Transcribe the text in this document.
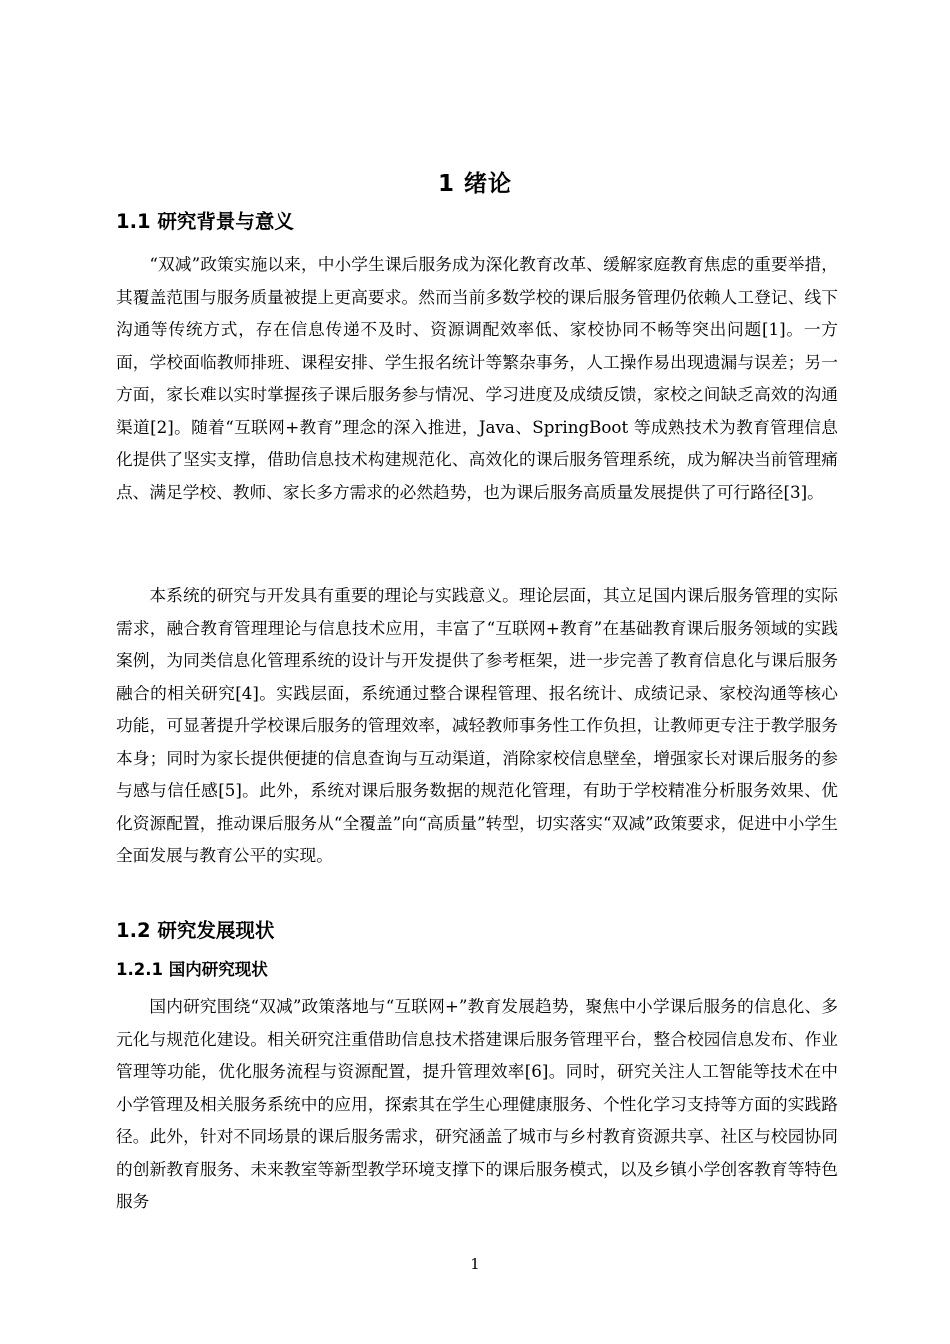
1 绪论
1.1 研究背景与意义

“双减”政策实施以来，中小学生课后服务成为深化教育改革、缓解家庭教育焦虑的重要举措，其覆盖范围与服务质量被提上更高要求。然而当前多数学校的课后服务管理仍依赖人工登记、线下沟通等传统方式，存在信息传递不及时、资源调配效率低、家校协同不畅等突出问题[1]。一方面，学校面临教师排班、课程安排、学生报名统计等繁杂事务，人工操作易出现遗漏与误差；另一方面，家长难以实时掌握孩子课后服务参与情况、学习进度及成绩反馈，家校之间缺乏高效的沟通渠道[2]。随着“互联网+教育”理念的深入推进，Java、SpringBoot 等成熟技术为教育管理信息化提供了坚实支撑，借助信息技术构建规范化、高效化的课后服务管理系统，成为解决当前管理痛点、满足学校、教师、家长多方需求的必然趋势，也为课后服务高质量发展提供了可行路径[3]。

本系统的研究与开发具有重要的理论与实践意义。理论层面，其立足国内课后服务管理的实际需求，融合教育管理理论与信息技术应用，丰富了“互联网+教育”在基础教育课后服务领域的实践案例，为同类信息化管理系统的设计与开发提供了参考框架，进一步完善了教育信息化与课后服务融合的相关研究[4]。实践层面，系统通过整合课程管理、报名统计、成绩记录、家校沟通等核心功能，可显著提升学校课后服务的管理效率，减轻教师事务性工作负担，让教师更专注于教学服务本身；同时为家长提供便捷的信息查询与互动渠道，消除家校信息壁垒，增强家长对课后服务的参与感与信任感[5]。此外，系统对课后服务数据的规范化管理，有助于学校精准分析服务效果、优化资源配置，推动课后服务从“全覆盖”向“高质量”转型，切实落实“双减”政策要求，促进中小学生全面发展与教育公平的实现。

1.2 研究发展现状
1.2.1 国内研究现状

国内研究围绕“双减”政策落地与“互联网+”教育发展趋势，聚焦中小学课后服务的信息化、多元化与规范化建设。相关研究注重借助信息技术搭建课后服务管理平台，整合校园信息发布、作业管理等功能，优化服务流程与资源配置，提升管理效率[6]。同时，研究关注人工智能等技术在中小学管理及相关服务系统中的应用，探索其在学生心理健康服务、个性化学习支持等方面的实践路径。此外，针对不同场景的课后服务需求，研究涵盖了城市与乡村教育资源共享、社区与校园协同的创新教育服务、未来教室等新型教学环境支撑下的课后服务模式，以及乡镇小学创客教育等特色服务

1
